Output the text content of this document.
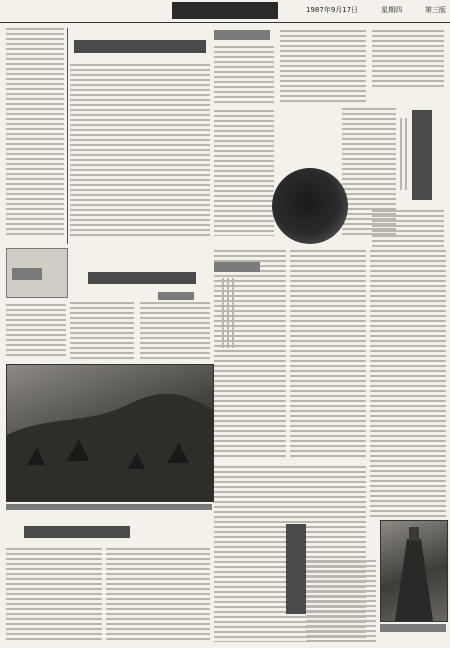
1987年9月17日	星期四	第三版
